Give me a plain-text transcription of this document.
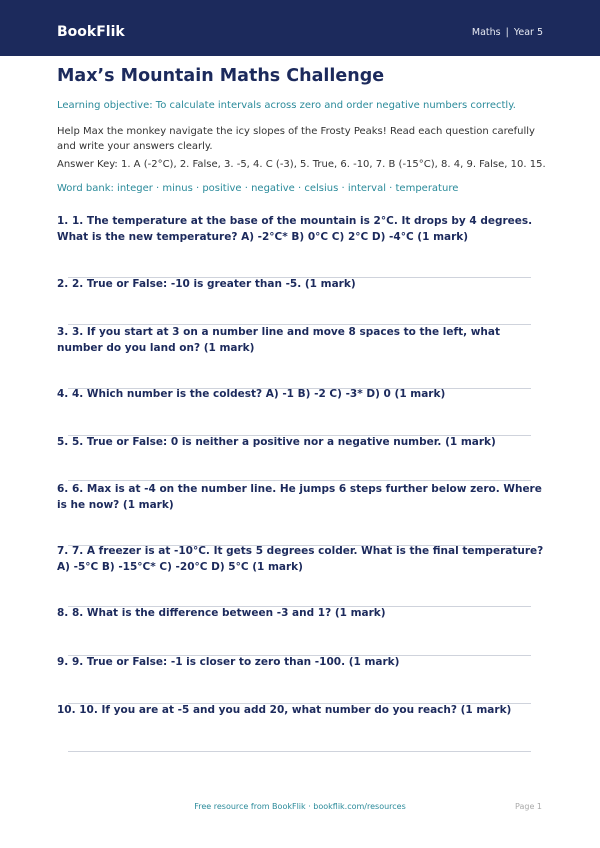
BookFlik	Maths | Year 5
Max’s Mountain Maths Challenge
Learning objective: To calculate intervals across zero and order negative numbers correctly.
Help Max the monkey navigate the icy slopes of the Frosty Peaks! Read each question carefully and write your answers clearly.
Answer Key: 1. A (-2°C), 2. False, 3. -5, 4. C (-3), 5. True, 6. -10, 7. B (-15°C), 8. 4, 9. False, 10. 15.
Word bank: integer · minus · positive · negative · celsius · interval · temperature
1. 1. The temperature at the base of the mountain is 2°C. It drops by 4 degrees. What is the new temperature? A) -2°C* B) 0°C C) 2°C D) -4°C (1 mark)
2. 2. True or False: -10 is greater than -5. (1 mark)
3. 3. If you start at 3 on a number line and move 8 spaces to the left, what number do you land on? (1 mark)
4. 4. Which number is the coldest? A) -1 B) -2 C) -3* D) 0 (1 mark)
5. 5. True or False: 0 is neither a positive nor a negative number. (1 mark)
6. 6. Max is at -4 on the number line. He jumps 6 steps further below zero. Where is he now? (1 mark)
7. 7. A freezer is at -10°C. It gets 5 degrees colder. What is the final temperature? A) -5°C B) -15°C* C) -20°C D) 5°C (1 mark)
8. 8. What is the difference between -3 and 1? (1 mark)
9. 9. True or False: -1 is closer to zero than -100. (1 mark)
10. 10. If you are at -5 and you add 20, what number do you reach? (1 mark)
Free resource from BookFlik · bookflik.com/resources	Page 1
